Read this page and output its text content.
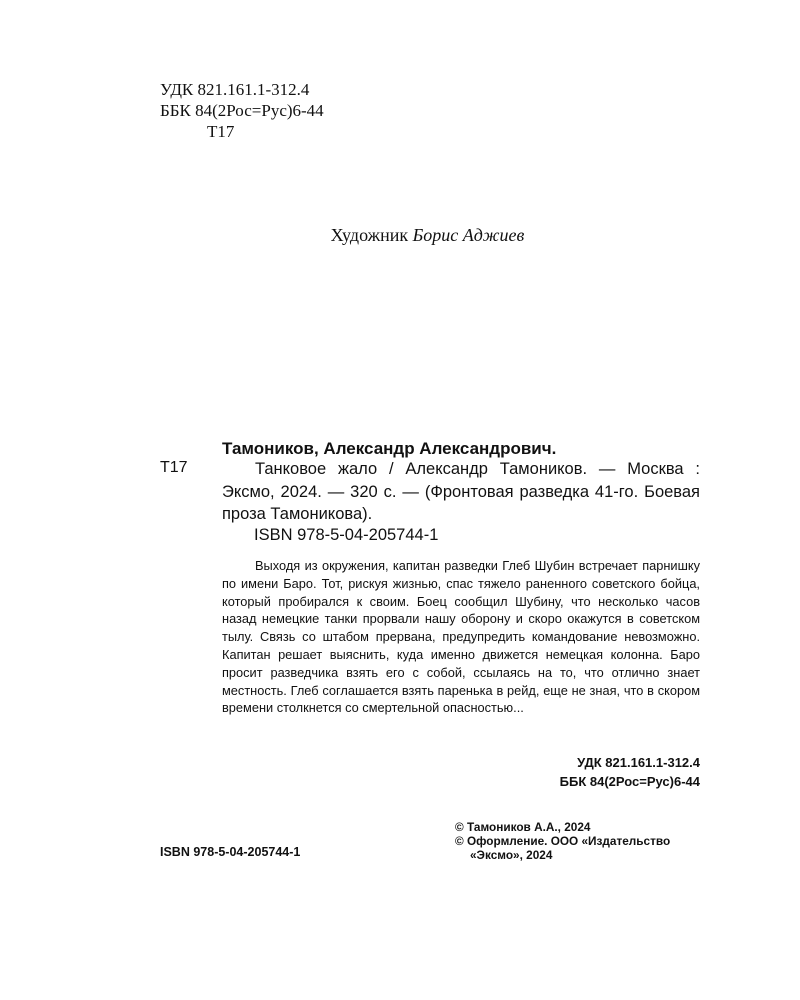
УДК 821.161.1-312.4
ББК 84(2Рос=Рус)6-44
Т17
Художник Борис Аджиев
Тамоников, Александр Александрович.
Т17	Танковое жало / Александр Тамоников. — Москва : Эксмо, 2024. — 320 с. — (Фронтовая разведка 41-го. Боевая проза Тамоникова).
ISBN 978-5-04-205744-1
Выходя из окружения, капитан разведки Глеб Шубин встречает парнишку по имени Баро. Тот, рискуя жизнью, спас тяжело раненного советского бойца, который пробирался к своим. Боец сообщил Шубину, что несколько часов назад немецкие танки прорвали нашу оборону и скоро окажутся в советском тылу. Связь со штабом прервана, предупредить командование невозможно. Капитан решает выяснить, куда именно движется немецкая колонна. Баро просит разведчика взять его с собой, ссылаясь на то, что отлично знает местность. Глеб соглашается взять паренька в рейд, еще не зная, что в скором времени столкнется со смертельной опасностью...
УДК 821.161.1-312.4
ББК 84(2Рос=Рус)6-44
© Тамоников А.А., 2024
© Оформление. ООО «Издательство
«Эксмо», 2024
ISBN 978-5-04-205744-1
